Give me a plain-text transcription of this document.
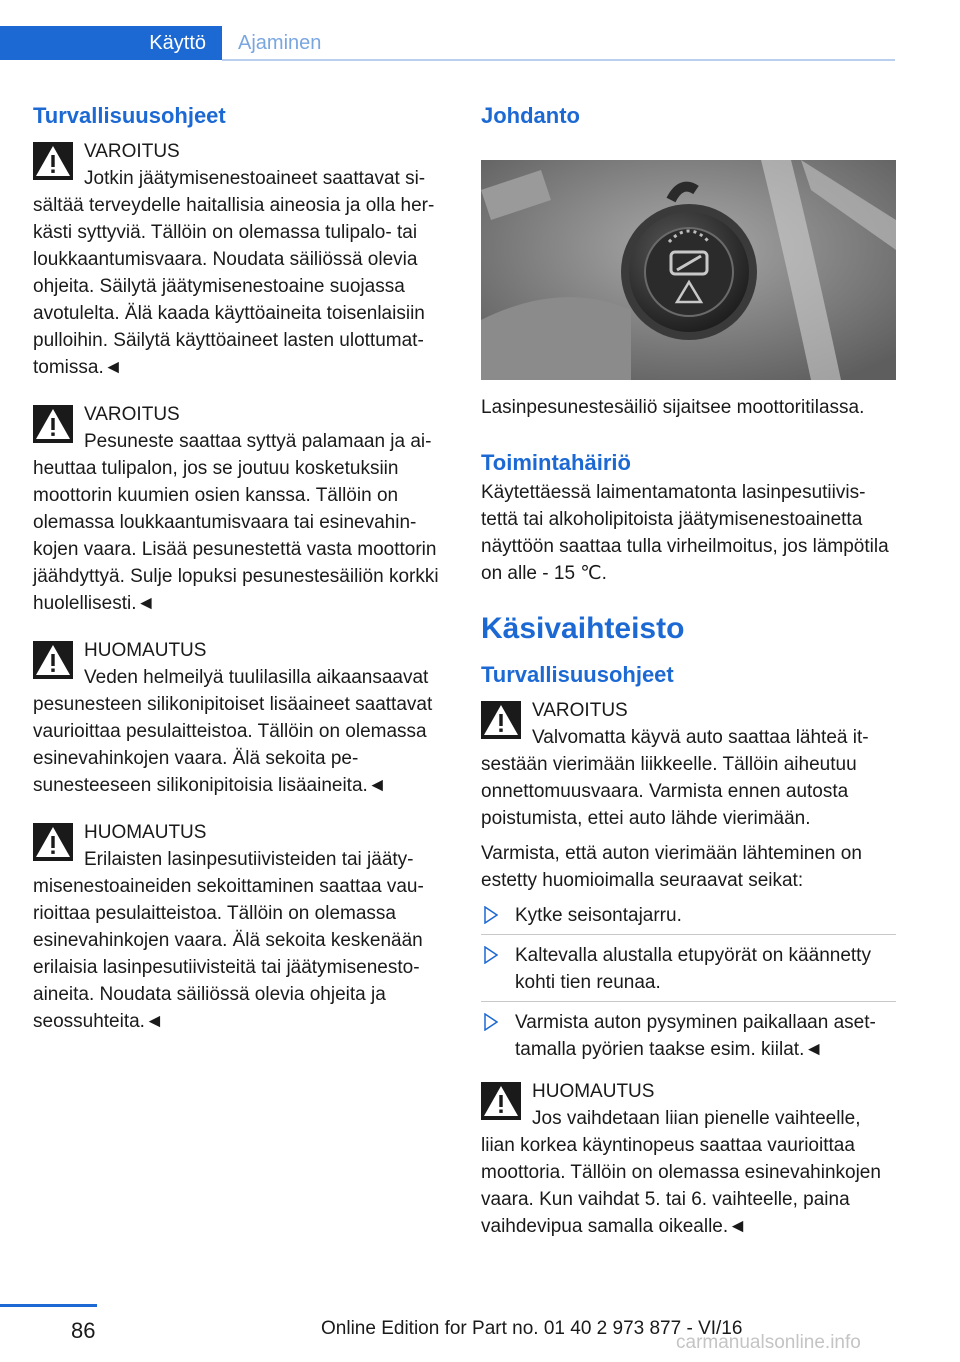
Käyttö	Ajaminen
Turvallisuusohjeet
VAROITUS
Jotkin jäätymisenestoaineet saattavat sisältää terveydelle haitallisia aineosia ja olla herkästi syttyviä. Tällöin on olemassa tulipalo- tai loukkaantumisvaara. Noudata säiliössä olevia ohjeita. Säilytä jäätymisenestoaine suojassa avotulelta. Älä kaada käyttöaineita toisenlaisiin pulloihin. Säilytä käyttöaineet lasten ulottumattomissa.◄
VAROITUS
Pesuneste saattaa syttyä palamaan ja aiheuttaa tulipalon, jos se joutuu kosketuksiin moottorin kuumien osien kanssa. Tällöin on olemassa loukkaantumisvaara tai esinevahinkojen vaara. Lisää pesunestettä vasta moottorin jäähdyttyä. Sulje lopuksi pesunestesäiliön korkki huolellisesti.◄
HUOMAUTUS
Veden helmeilyä tuulilasilla aikaansaavat pesunesteen silikonipitoiset lisäaineet saattavat vaurioittaa pesulaitteistoa. Tällöin on olemassa esinevahinkojen vaara. Älä sekoita pesunesteeseen silikonipitoisia lisäaineita.◄
HUOMAUTUS
Erilaisten lasinpesutiivisteiden tai jäätymisenestoaineiden sekoittaminen saattaa vaurioittaa pesulaitteistoa. Tällöin on olemassa esinevahinkojen vaara. Älä sekoita keskenään erilaisia lasinpesutiivisteitä tai jäätymisenestoaineita. Noudata säiliössä olevia ohjeita ja seossuhteita.◄
Johdanto

Lasinpesunestesäiliö sijaitsee moottoritilassa.

Toimintahäiriö

Käytettäessä laimentamatonta lasinpesutiivistettä tai alkoholipitoista jäätymisenestoainetta näyttöön saattaa tulla virheilmoitus, jos lämpötila on alle - 15 ℃.

Käsivaihteisto
Turvallisuusohjeet
VAROITUS
Valvomatta käyvä auto saattaa lähteä itsestään vierimään liikkeelle. Tällöin aiheutuu onnettomuusvaara. Varmista ennen autosta poistumista, ettei auto lähde vierimään.

Varmista, että auton vierimään lähteminen on estetty huomioimalla seuraavat seikat:

Kytke seisontajarru.
Kaltevalla alustalla etupyörät on käännetty kohti tien reunaa.
Varmista auton pysyminen paikallaan asettamalla pyörien taakse esim. kiilat.◄
HUOMAUTUS
Jos vaihdetaan liian pienelle vaihteelle, liian korkea käyntinopeus saattaa vaurioittaa moottoria. Tällöin on olemassa esinevahinkojen vaara. Kun vaihdat 5. tai 6. vaihteelle, paina vaihdevipua samalla oikealle.◄
86	Online Edition for Part no. 01 40 2 973 877 - VI/16
carmanualsonline.info
